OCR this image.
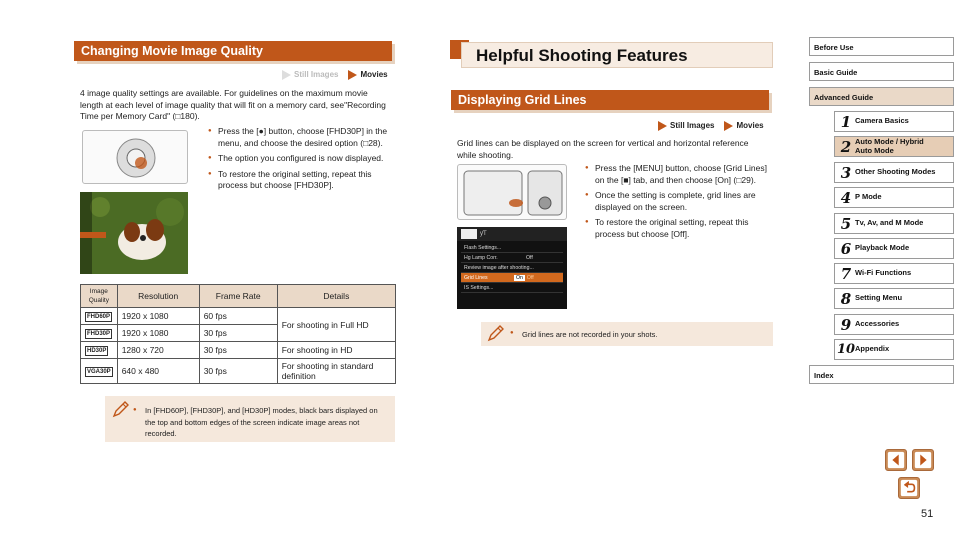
Changing Movie Image Quality
Still Images	Movies
4 image quality settings are available. For guidelines on the maximum movie length at each level of image quality that will fit on a memory card, see"Recording Time per Memory Card" (□180).
● Press the [●] button, choose [FHD30P] in the menu, and choose the desired option (□28).
● The option you configured is now displayed.
● To restore the original setting, repeat this process but choose [FHD30P].
Image Quality	Resolution	Frame Rate	Details
FHD60P	1920 x 1080	60 fps	For shooting in Full HD
FHD30P	1920 x 1080	30 fps	
HD30P	1280 x 720	30 fps	For shooting in HD
VGA30P	640 x 480	30 fps	For shooting in standard definition
● In [FHD60P], [FHD30P], and [HD30P] modes, black bars displayed on the top and bottom edges of the screen indicate image areas not recorded.
Helpful Shooting Features
Displaying Grid Lines
Still Images	Movies
Grid lines can be displayed on the screen for vertical and horizontal reference while shooting.
ƴT
Flash Settings...
Hg Lamp Corr.	Off
Review image after shooting...
Grid Lines	On Off
IS Settings...
● Press the [MENU] button, choose [Grid Lines] on the [■] tab, and then choose [On] (□29).
● Once the setting is complete, grid lines are displayed on the screen.
● To restore the original setting, repeat this process but choose [Off].
● Grid lines are not recorded in your shots.
Before Use
Basic Guide
Advanced Guide
1 Camera Basics
2 Auto Mode / Hybrid Auto Mode
3 Other Shooting Modes
4 P Mode
5 Tv, Av, and M Mode
6 Playback Mode
7 Wi-Fi Functions
8 Setting Menu
9 Accessories
10 Appendix
Index
51
